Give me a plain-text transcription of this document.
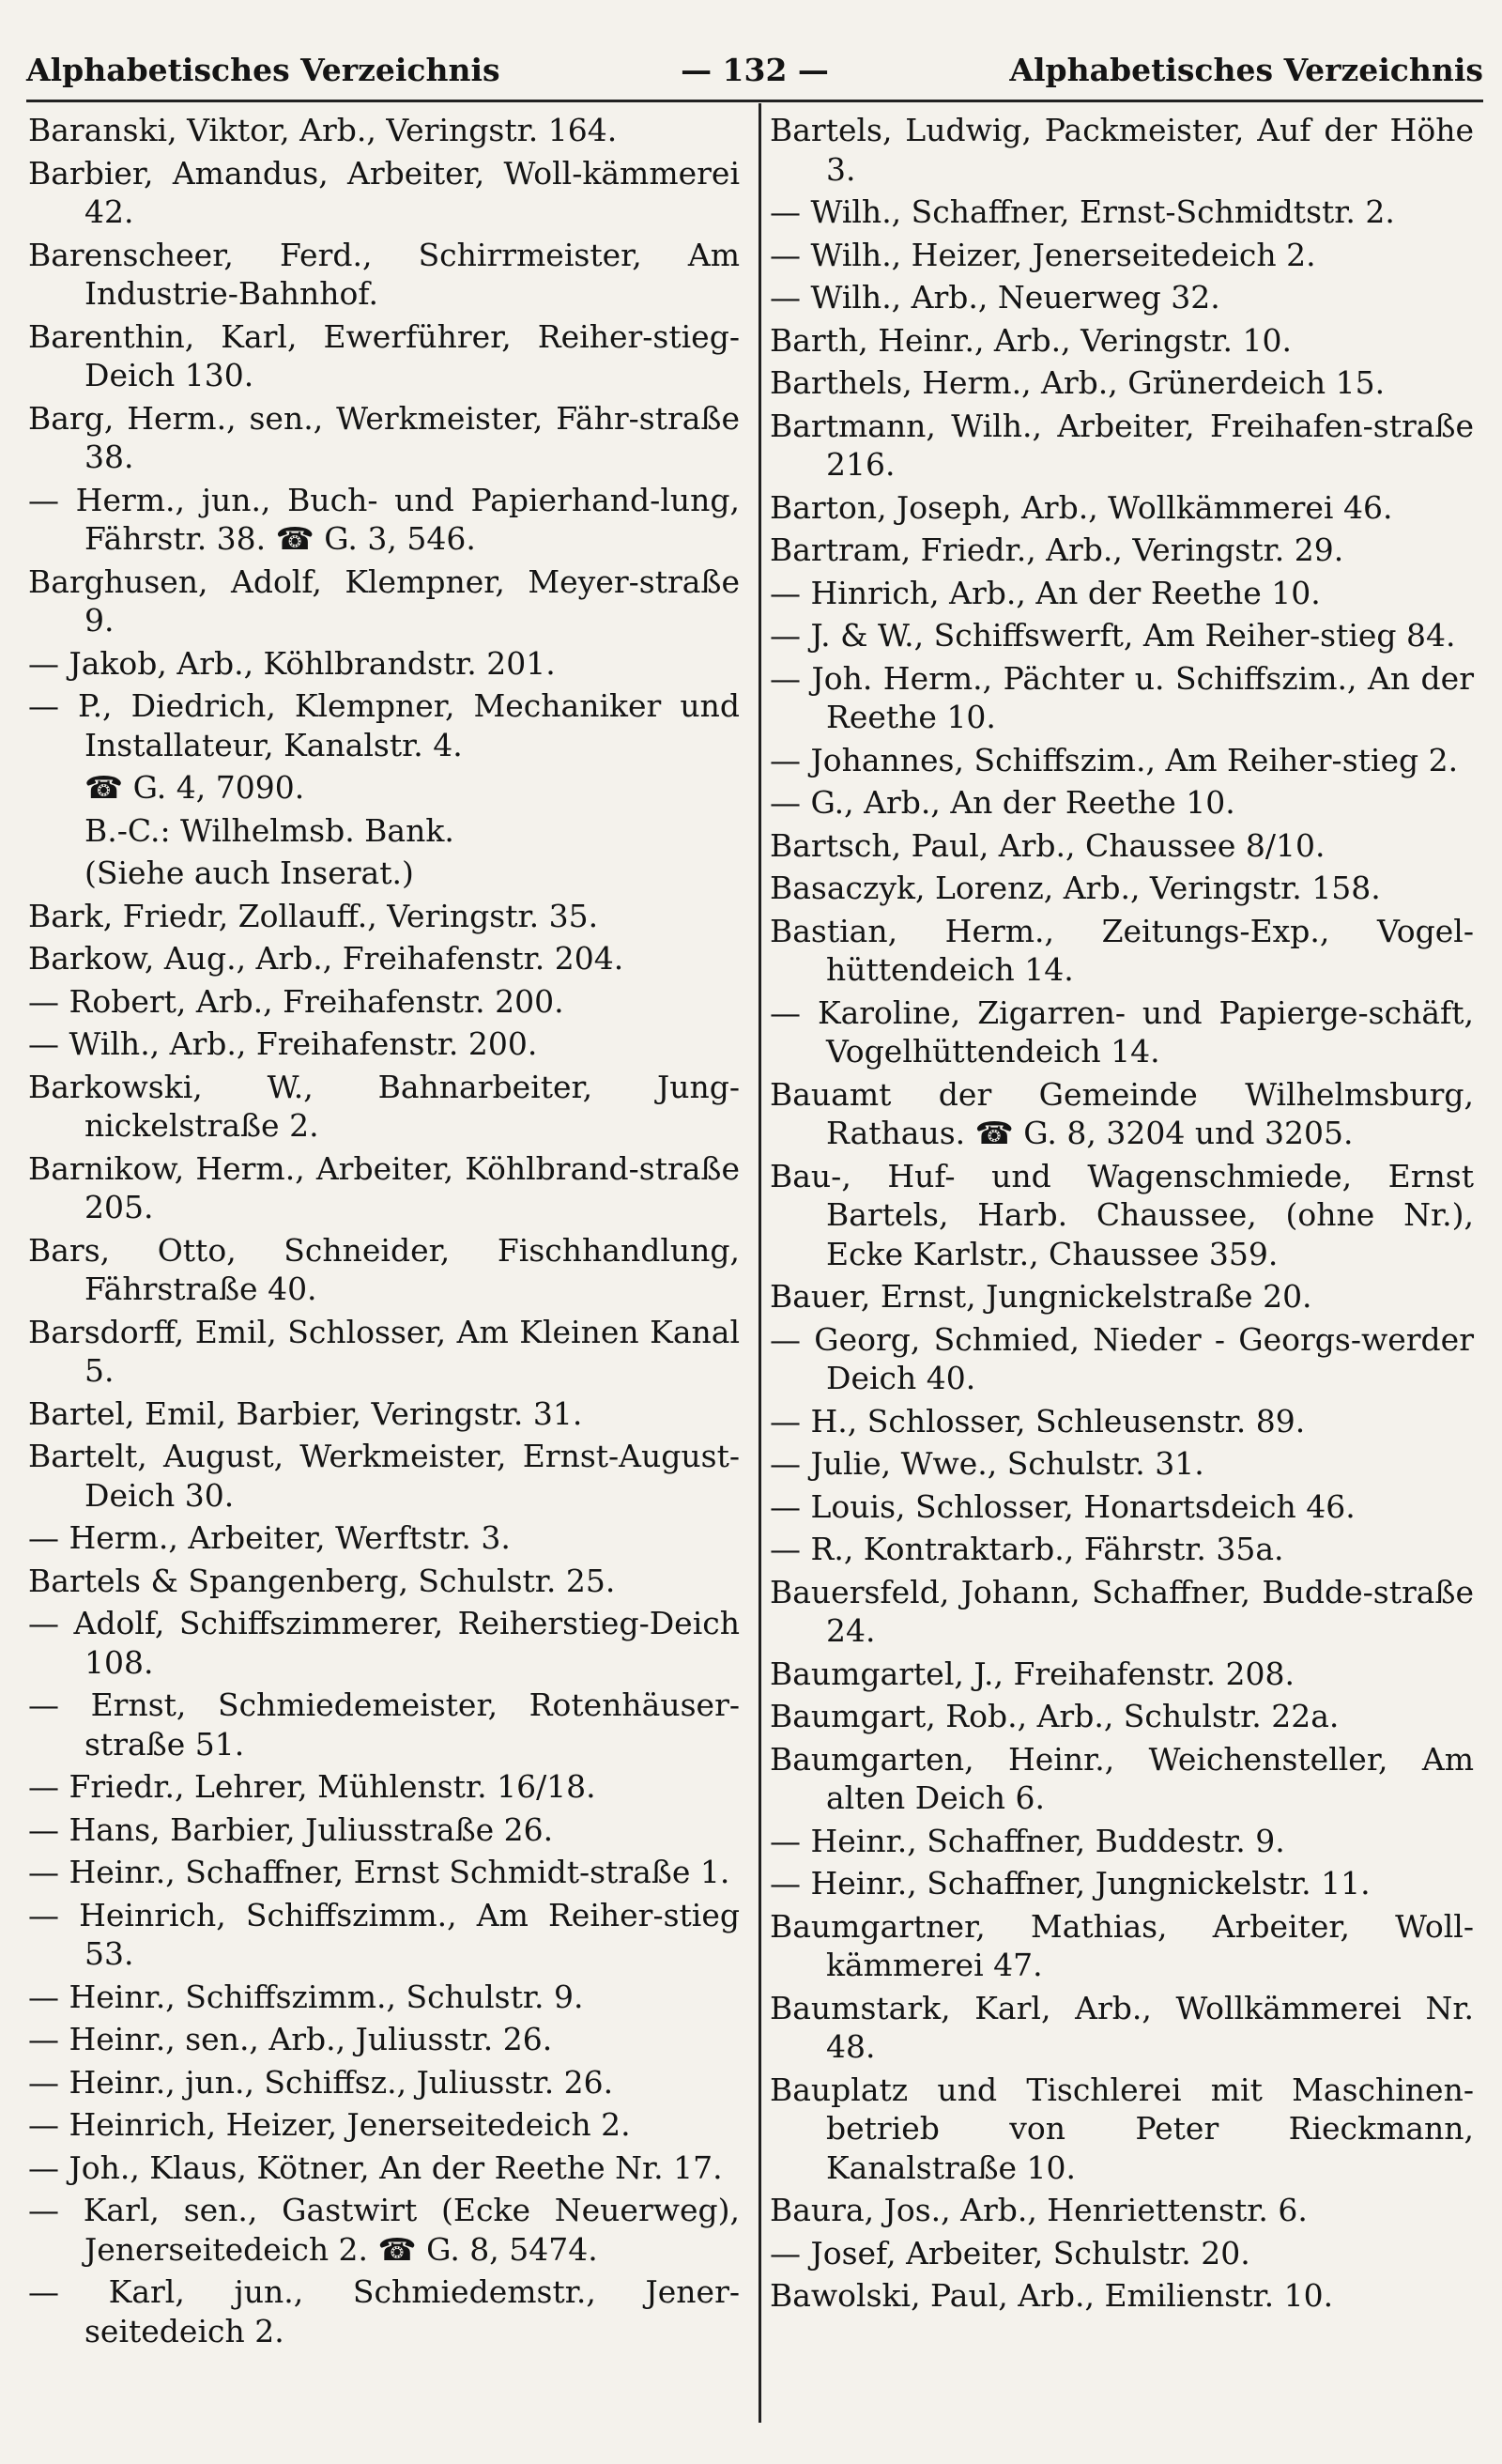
Alphabetisches Verzeichnis	— 132 —	Alphabetisches Verzeichnis

Baranski, Viktor, Arb., Veringstr. 164.

Barbier, Amandus, Arbeiter, Woll-kämmerei 42.

Barenscheer, Ferd., Schirrmeister, Am Industrie-Bahnhof.

Barenthin, Karl, Ewerführer, Reiher-stieg-Deich 130.

Barg, Herm., sen., Werkmeister, Fähr-straße 38.

— Herm., jun., Buch- und Papierhand-lung, Fährstr. 38. ☎ G. 3, 546.

Barghusen, Adolf, Klempner, Meyer-straße 9.

— Jakob, Arb., Köhlbrandstr. 201.

— P., Diedrich, Klempner, Mechaniker und Installateur, Kanalstr. 4.

☎ G. 4, 7090.

B.-C.: Wilhelmsb. Bank.

(Siehe auch Inserat.)

Bark, Friedr, Zollauff., Veringstr. 35.

Barkow, Aug., Arb., Freihafenstr. 204.

— Robert, Arb., Freihafenstr. 200.

— Wilh., Arb., Freihafenstr. 200.

Barkowski, W., Bahnarbeiter, Jung-nickelstraße 2.

Barnikow, Herm., Arbeiter, Köhlbrand-straße 205.

Bars, Otto, Schneider, Fischhandlung, Fährstraße 40.

Barsdorff, Emil, Schlosser, Am Kleinen Kanal 5.

Bartel, Emil, Barbier, Veringstr. 31.

Bartelt, August, Werkmeister, Ernst-August-Deich 30.

— Herm., Arbeiter, Werftstr. 3.

Bartels & Spangenberg, Schulstr. 25.

— Adolf, Schiffszimmerer, Reiherstieg-Deich 108.

— Ernst, Schmiedemeister, Rotenhäuser-straße 51.

— Friedr., Lehrer, Mühlenstr. 16/18.

— Hans, Barbier, Juliusstraße 26.

— Heinr., Schaffner, Ernst Schmidt-straße 1.

— Heinrich, Schiffszimm., Am Reiher-stieg 53.

— Heinr., Schiffszimm., Schulstr. 9.

— Heinr., sen., Arb., Juliusstr. 26.

— Heinr., jun., Schiffsz., Juliusstr. 26.

— Heinrich, Heizer, Jenerseitedeich 2.

— Joh., Klaus, Kötner, An der Reethe Nr. 17.

— Karl, sen., Gastwirt (Ecke Neuerweg), Jenerseitedeich 2. ☎ G. 8, 5474.

— Karl, jun., Schmiedemstr., Jener-seitedeich 2.

Bartels, Ludwig, Packmeister, Auf der Höhe 3.

— Wilh., Schaffner, Ernst-Schmidtstr. 2.

— Wilh., Heizer, Jenerseitedeich 2.

— Wilh., Arb., Neuerweg 32.

Barth, Heinr., Arb., Veringstr. 10.

Barthels, Herm., Arb., Grünerdeich 15.

Bartmann, Wilh., Arbeiter, Freihafen-straße 216.

Barton, Joseph, Arb., Wollkämmerei 46.

Bartram, Friedr., Arb., Veringstr. 29.

— Hinrich, Arb., An der Reethe 10.

— J. & W., Schiffswerft, Am Reiher-stieg 84.

— Joh. Herm., Pächter u. Schiffszim., An der Reethe 10.

— Johannes, Schiffszim., Am Reiher-stieg 2.

— G., Arb., An der Reethe 10.

Bartsch, Paul, Arb., Chaussee 8/10.

Basaczyk, Lorenz, Arb., Veringstr. 158.

Bastian, Herm., Zeitungs-Exp., Vogel-hüttendeich 14.

— Karoline, Zigarren- und Papierge-schäft, Vogelhüttendeich 14.

Bauamt der Gemeinde Wilhelmsburg, Rathaus. ☎ G. 8, 3204 und 3205.

Bau-, Huf- und Wagenschmiede, Ernst Bartels, Harb. Chaussee, (ohne Nr.), Ecke Karlstr., Chaussee 359.

Bauer, Ernst, Jungnickelstraße 20.

— Georg, Schmied, Nieder - Georgs-werder Deich 40.

— H., Schlosser, Schleusenstr. 89.

— Julie, Wwe., Schulstr. 31.

— Louis, Schlosser, Honartsdeich 46.

— R., Kontraktarb., Fährstr. 35a.

Bauersfeld, Johann, Schaffner, Budde-straße 24.

Baumgartel, J., Freihafenstr. 208.

Baumgart, Rob., Arb., Schulstr. 22a.

Baumgarten, Heinr., Weichensteller, Am alten Deich 6.

— Heinr., Schaffner, Buddestr. 9.

— Heinr., Schaffner, Jungnickelstr. 11.

Baumgartner, Mathias, Arbeiter, Woll-kämmerei 47.

Baumstark, Karl, Arb., Wollkämmerei Nr. 48.

Bauplatz und Tischlerei mit Maschinen-betrieb von Peter Rieckmann, Kanalstraße 10.

Baura, Jos., Arb., Henriettenstr. 6.

— Josef, Arbeiter, Schulstr. 20.

Bawolski, Paul, Arb., Emilienstr. 10.
